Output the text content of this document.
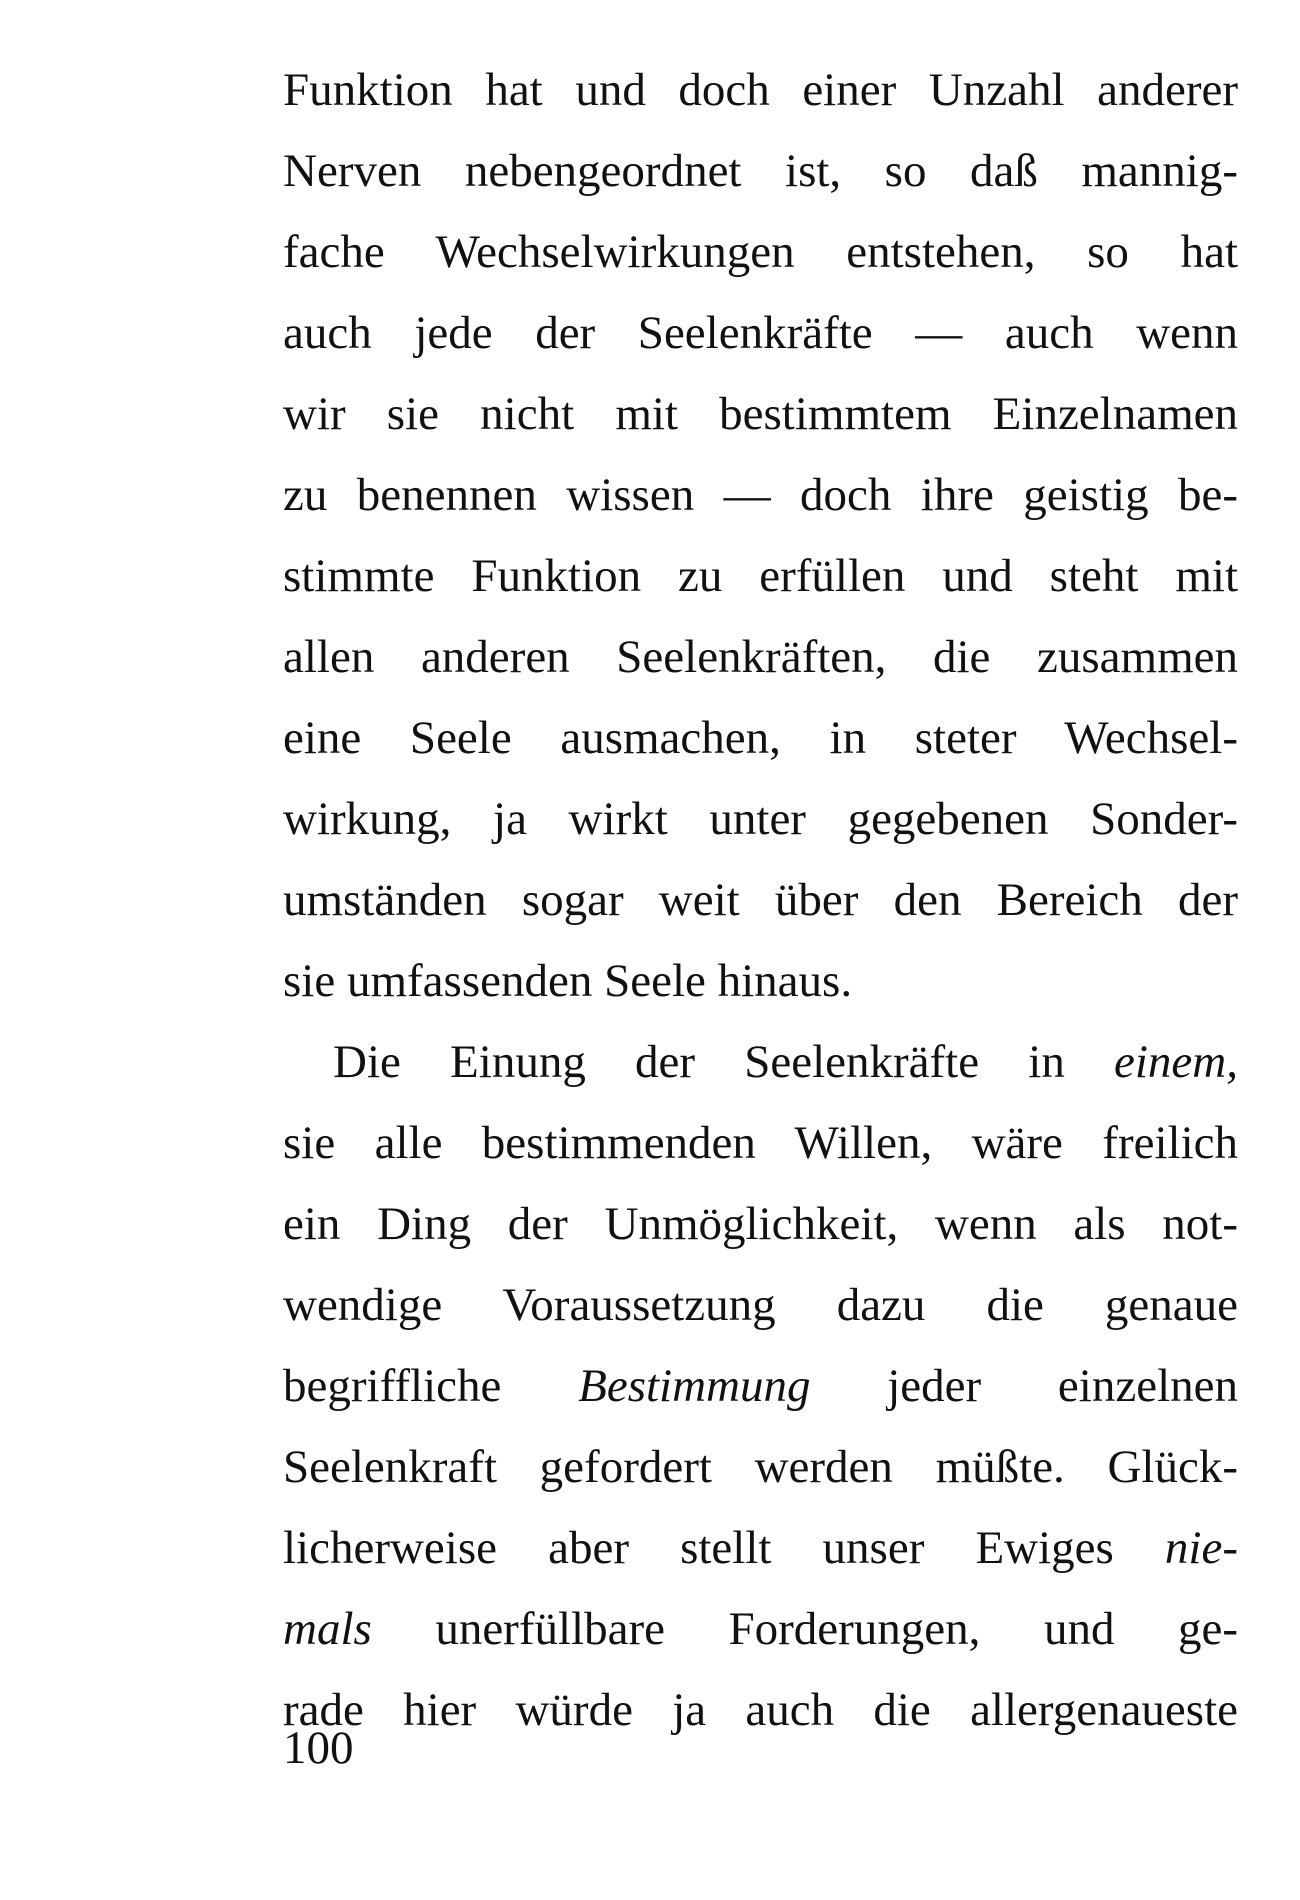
Funktion hat und doch einer Unzahl anderer
Nerven nebengeordnet ist, so daß mannig-
fache Wechselwirkungen entstehen, so hat
auch jede der Seelenkräfte — auch wenn
wir sie nicht mit bestimmtem Einzelnamen
zu benennen wissen — doch ihre geistig be-
stimmte Funktion zu erfüllen und steht mit
allen anderen Seelenkräften, die zusammen
eine Seele ausmachen, in steter Wechsel-
wirkung, ja wirkt unter gegebenen Sonder-
umständen sogar weit über den Bereich der
sie umfassenden Seele hinaus.
Die Einung der Seelenkräfte in einem,
sie alle bestimmenden Willen, wäre freilich
ein Ding der Unmöglichkeit, wenn als not-
wendige Voraussetzung dazu die genaue
begriffliche Bestimmung jeder einzelnen
Seelenkraft gefordert werden müßte. Glück-
licherweise aber stellt unser Ewiges nie-
mals unerfüllbare Forderungen, und ge-
rade hier würde ja auch die allergenaueste
100
